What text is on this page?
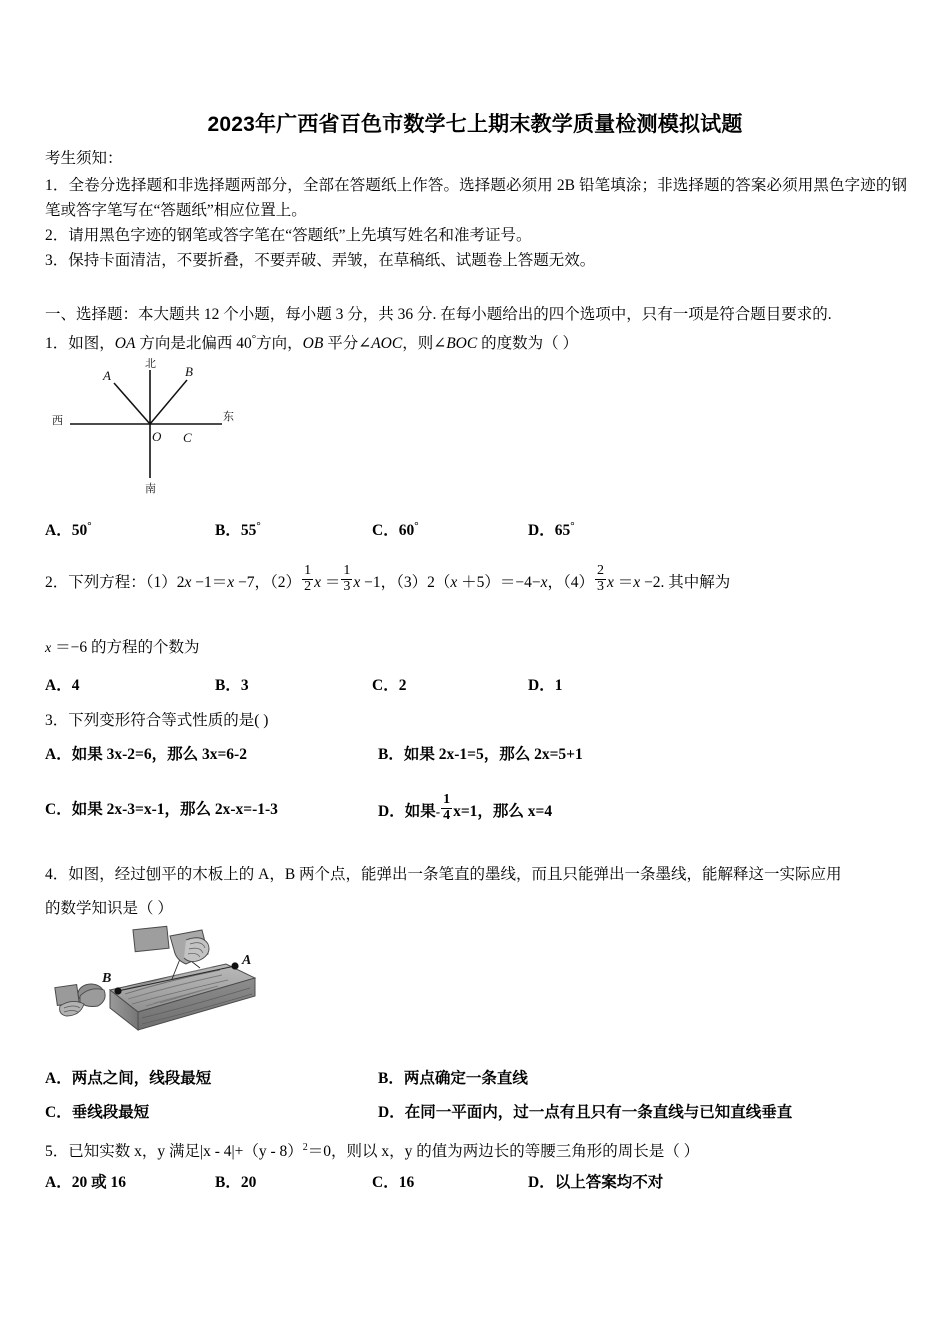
2023年广西省百色市数学七上期末教学质量检测模拟试题

考生须知：

1．全卷分选择题和非选择题两部分，全部在答题纸上作答。选择题必须用 2B 铅笔填涂；非选择题的答案必须用黑色字迹的钢笔或答字笔写在“答题纸”相应位置上。

2．请用黑色字迹的钢笔或答字笔在“答题纸”上先填写姓名和准考证号。

3．保持卡面清洁，不要折叠，不要弄破、弄皱，在草稿纸、试题卷上答题无效。

一、选择题：本大题共 12 个小题，每小题 3 分，共 36 分. 在每小题给出的四个选项中，只有一项是符合题目要求的.
1．如图，OA 方向是北偏西 40°方向，OB 平分∠AOC，则∠BOC 的度数为（ ）
北
南
东
西
A	B
O C
A．50°	B．55°	C．60°	D．65°
2．下列方程：（1）2x −1＝x −7，$(2) \frac{1}{2}$ $x = \frac{1}{3}$ x −1，（3）2（x ＋5）＝−4−x，$(4) \frac{2}{3}$ x ＝x −2. 其中解为
x ＝−6 的方程的个数为
A．4	B．3	C．2	D．1
3．下列变形符合等式性质的是( )
A．如果 3x-2=6，那么 3x=6-2	B．如果 2x-1=5，那么 2x=5+1
C．如果 2x-3=x-1，那么 2x-x=-1-3	D．如果- $\frac{1}{4} x=1$，那么 x=4
4．如图，经过刨平的木板上的 A，B 两个点，能弹出一条笔直的墨线，而且只能弹出一条墨线，能解释这一实际应用
的数学知识是（ ）
A
B
A．两点之间，线段最短	B．两点确定一条直线
C．垂线段最短	D．在同一平面内，过一点有且只有一条直线与已知直线垂直
5．已知实数 x，y 满足|x - 4|+（y - 8）$^2$＝0，则以 x，y 的值为两边长的等腰三角形的周长是（ ）
A．20 或 16	B．20	C．16	D．以上答案均不对
